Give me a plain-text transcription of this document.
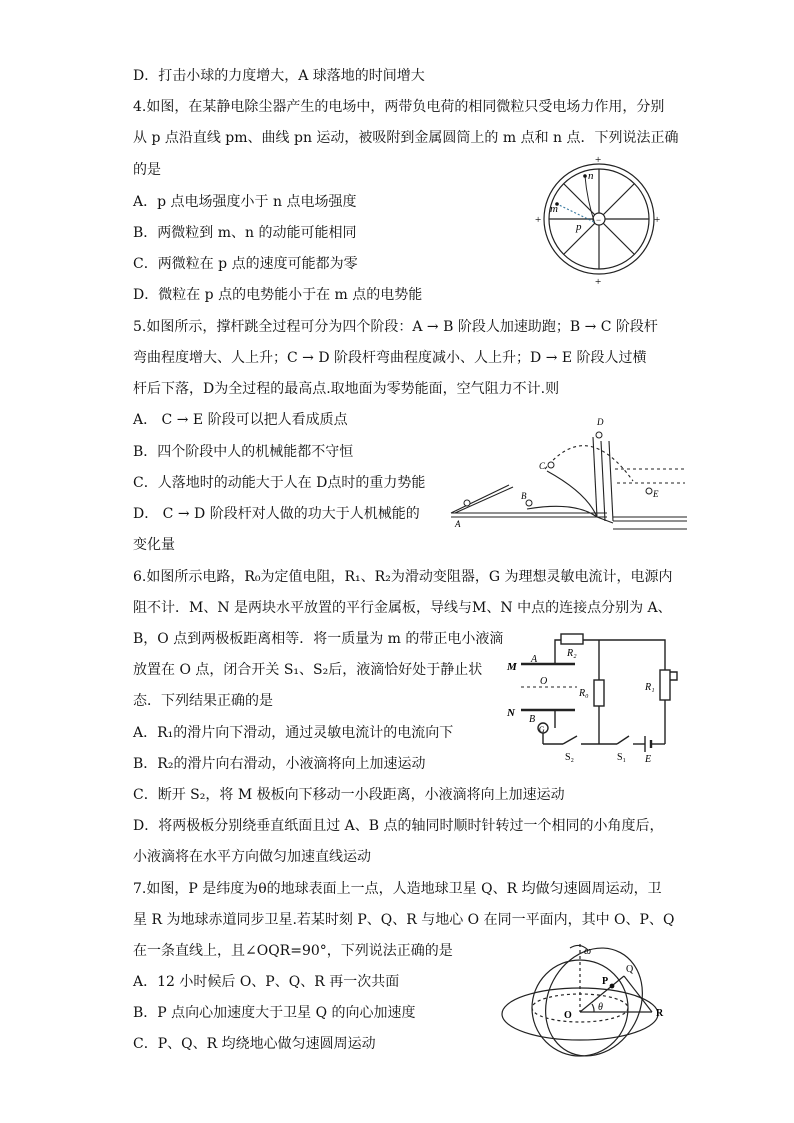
D．打击小球的力度增大，A 球落地的时间增大
4.如图，在某静电除尘器产生的电场中，两带负电荷的相同微粒只受电场力作用，分别
从 p 点沿直线 pm、曲线 pn 运动，被吸附到金属圆筒上的 m 点和 n 点．下列说法正确
的是
A．p 点电场强度小于 n 点电场强度
B．两微粒到 m、n 的动能可能相同
C．两微粒在 p 点的速度可能都为零
D．微粒在 p 点的电势能小于在 m 点的电势能
5.如图所示，撑杆跳全过程可分为四个阶段：A → B 阶段人加速助跑；B → C 阶段杆
弯曲程度增大、人上升；C → D 阶段杆弯曲程度减小、人上升；D → E 阶段人过横
杆后下落，D为全过程的最高点.取地面为零势能面，空气阻力不计.则
A． C → E 阶段可以把人看成质点
B．四个阶段中人的机械能都不守恒
C．人落地时的动能大于人在 D点时的重力势能
D． C → D 阶段杆对人做的功大于人机械能的
变化量
6.如图所示电路，R₀为定值电阻，R₁、R₂为滑动变阻器，G 为理想灵敏电流计，电源内
阻不计．M、N 是两块水平放置的平行金属板，导线与M、N 中点的连接点分别为 A、
B，O 点到两极板距离相等．将一质量为 m 的带正电小液滴
放置在 O 点，闭合开关 S₁、S₂后，液滴恰好处于静止状
态．下列结果正确的是
A．R₁的滑片向下滑动，通过灵敏电流计的电流向下
B．R₂的滑片向右滑动，小液滴将向上加速运动
C．断开 S₂，将 M 极板向下移动一小段距离，小液滴将向上加速运动
D．将两极板分别绕垂直纸面且过 A、B 点的轴同时顺时针转过一个相同的小角度后，
小液滴将在水平方向做匀加速直线运动
7.如图，P 是纬度为θ的地球表面上一点，人造地球卫星 Q、R 均做匀速圆周运动，卫
星 R 为地球赤道同步卫星.若某时刻 P、Q、R 与地心 O 在同一平面内，其中 O、P、Q
在一条直线上，且∠OQR=90°，下列说法正确的是
A．12 小时候后 O、P、Q、R 再一次共面
B．P 点向心加速度大于卫星 Q 的向心加速度
C．P、Q、R 均绕地心做匀速圆周运动
−
+
+
+	+
n
m
p
A
B
C
D
E
M
N
A
B
O
G
R₂
R₀
R₁
S₂	S₁ E
ω
P
Q
O	R
θ
